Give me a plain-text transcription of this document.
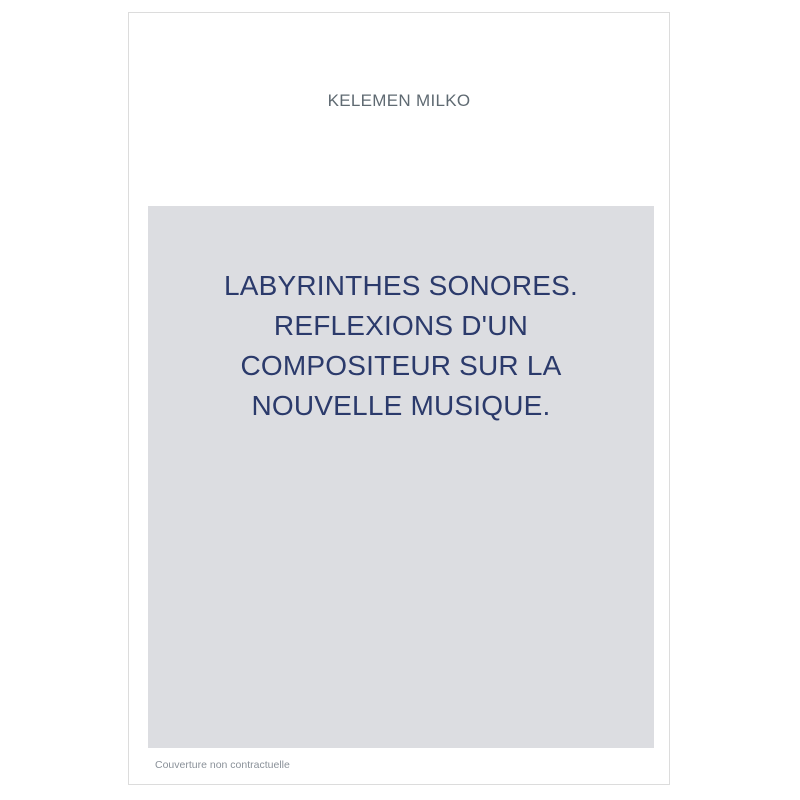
KELEMEN MILKO
LABYRINTHES SONORES.
REFLEXIONS D'UN
COMPOSITEUR SUR LA
NOUVELLE MUSIQUE.
Couverture non contractuelle
